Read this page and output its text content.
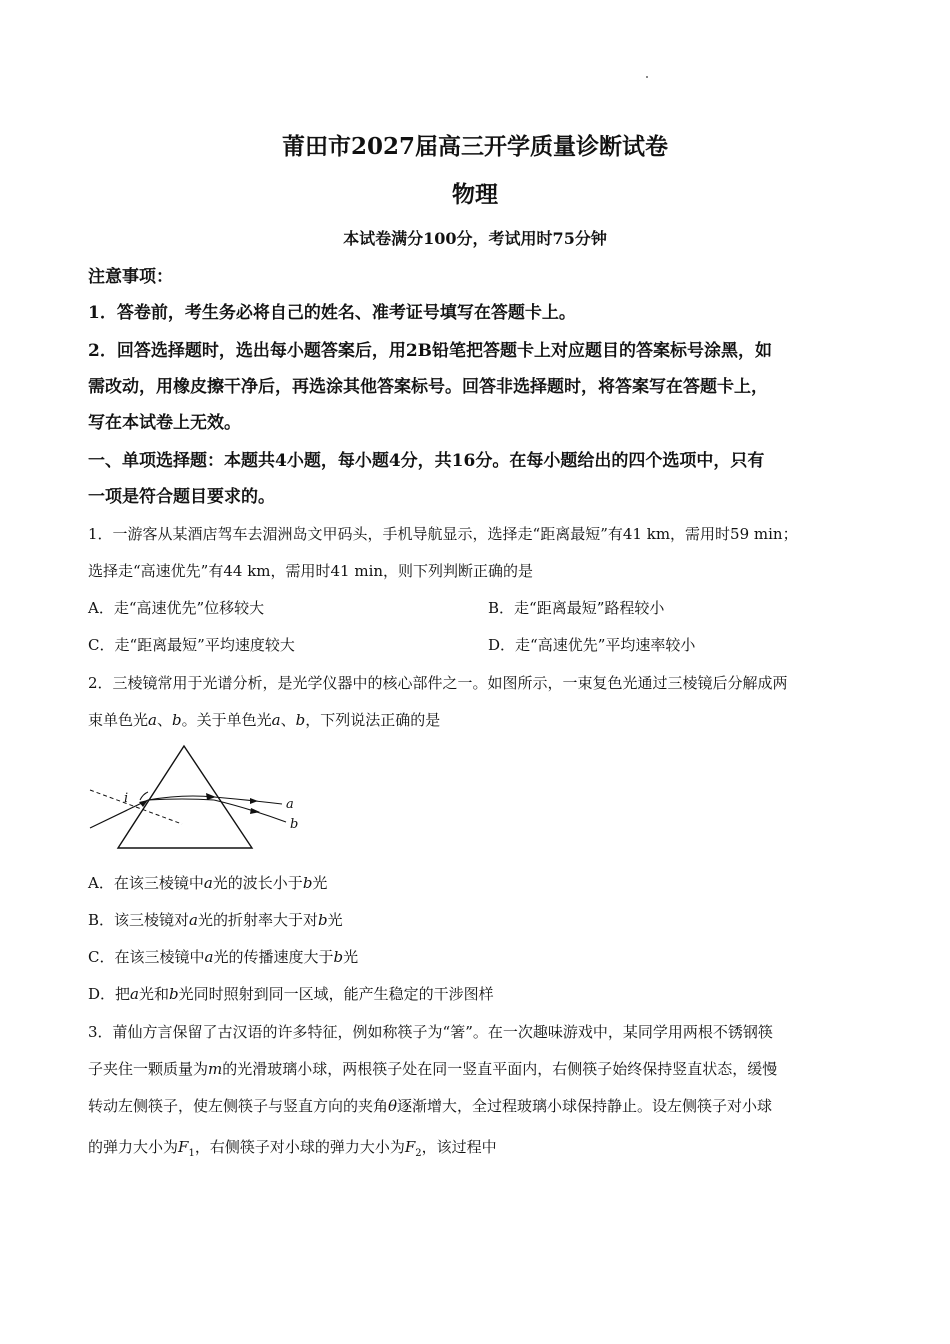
莆田市2027届高三开学质量诊断试卷
物理
本试卷满分100分，考试用时75分钟
注意事项：
1．答卷前，考生务必将自己的姓名、准考证号填写在答题卡上。
2．回答选择题时，选出每小题答案后，用2B铅笔把答题卡上对应题目的答案标号涂黑，如
需改动，用橡皮擦干净后，再选涂其他答案标号。回答非选择题时，将答案写在答题卡上，
写在本试卷上无效。
一、单项选择题：本题共4小题，每小题4分，共16分。在每小题给出的四个选项中，只有
一项是符合题目要求的。
1．一游客从某酒店驾车去湄洲岛文甲码头，手机导航显示，选择走“距离最短”有41 km，需用时59 min；
选择走“高速优先”有44 km，需用时41 min，则下列判断正确的是
A．走“高速优先”位移较大	B．走“距离最短”路程较小
C．走“距离最短”平均速度较大	D．走“高速优先”平均速率较小
2．三棱镜常用于光谱分析，是光学仪器中的核心部件之一。如图所示，一束复色光通过三棱镜后分解成两
束单色光a、b。关于单色光a、b，下列说法正确的是
i	a
b
A．在该三棱镜中a光的波长小于b光
B．该三棱镜对a光的折射率大于对b光
C．在该三棱镜中a光的传播速度大于b光
D．把a光和b光同时照射到同一区域，能产生稳定的干涉图样
3．莆仙方言保留了古汉语的许多特征，例如称筷子为“箸”。在一次趣味游戏中，某同学用两根不锈钢筷
子夹住一颗质量为m的光滑玻璃小球，两根筷子处在同一竖直平面内，右侧筷子始终保持竖直状态，缓慢
转动左侧筷子，使左侧筷子与竖直方向的夹角θ逐渐增大，全过程玻璃小球保持静止。设左侧筷子对小球
的弹力大小为$F_1$，右侧筷子对小球的弹力大小为$F_2$，该过程中
